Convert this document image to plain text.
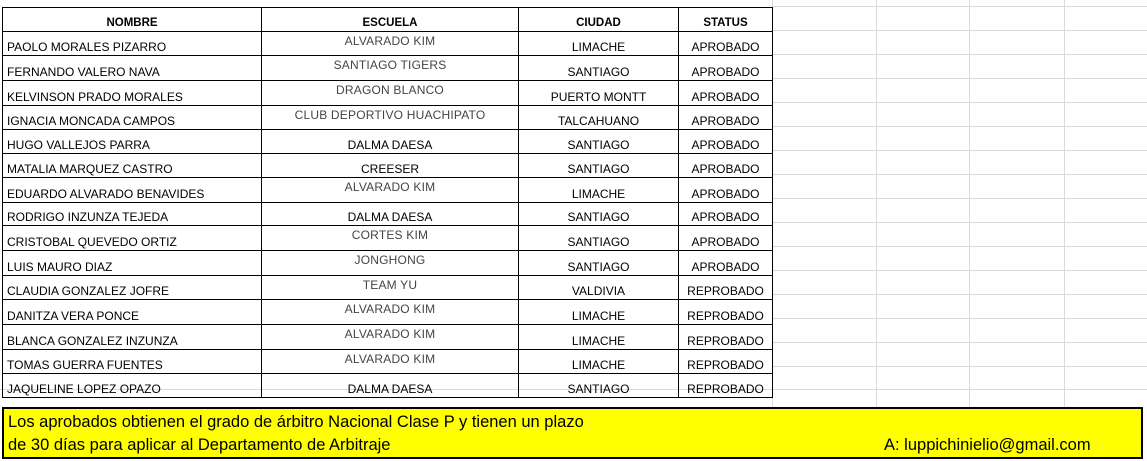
NOMBRE	ESCUELA	CIUDAD	STATUS
PAOLO MORALES PIZARRO	ALVARADO KIM	LIMACHE	APROBADO
FERNANDO VALERO NAVA	SANTIAGO TIGERS	SANTIAGO	APROBADO
KELVINSON PRADO MORALES	DRAGON BLANCO	PUERTO MONTT	APROBADO
IGNACIA MONCADA CAMPOS	CLUB DEPORTIVO HUACHIPATO	TALCAHUANO	APROBADO
HUGO VALLEJOS PARRA	DALMA DAESA	SANTIAGO	APROBADO
MATALIA MARQUEZ CASTRO	CREESER	SANTIAGO	APROBADO
EDUARDO ALVARADO BENAVIDES	ALVARADO KIM	LIMACHE	APROBADO
RODRIGO INZUNZA TEJEDA	DALMA DAESA	SANTIAGO	APROBADO
CRISTOBAL QUEVEDO ORTIZ	CORTES KIM	SANTIAGO	APROBADO
LUIS MAURO DIAZ	JONGHONG	SANTIAGO	APROBADO
CLAUDIA GONZALEZ JOFRE	TEAM YU	VALDIVIA	REPROBADO
DANITZA VERA PONCE	ALVARADO KIM	LIMACHE	REPROBADO
BLANCA GONZALEZ INZUNZA	ALVARADO KIM	LIMACHE	REPROBADO
TOMAS GUERRA FUENTES	ALVARADO KIM	LIMACHE	REPROBADO
JAQUELINE LOPEZ OPAZO	DALMA DAESA	SANTIAGO	REPROBADO
Los aprobados obtienen el grado de árbitro Nacional Clase P y tienen un plazo
de 30 días para aplicar al Departamento de Arbitraje	A: luppichinielio@gmail.com
